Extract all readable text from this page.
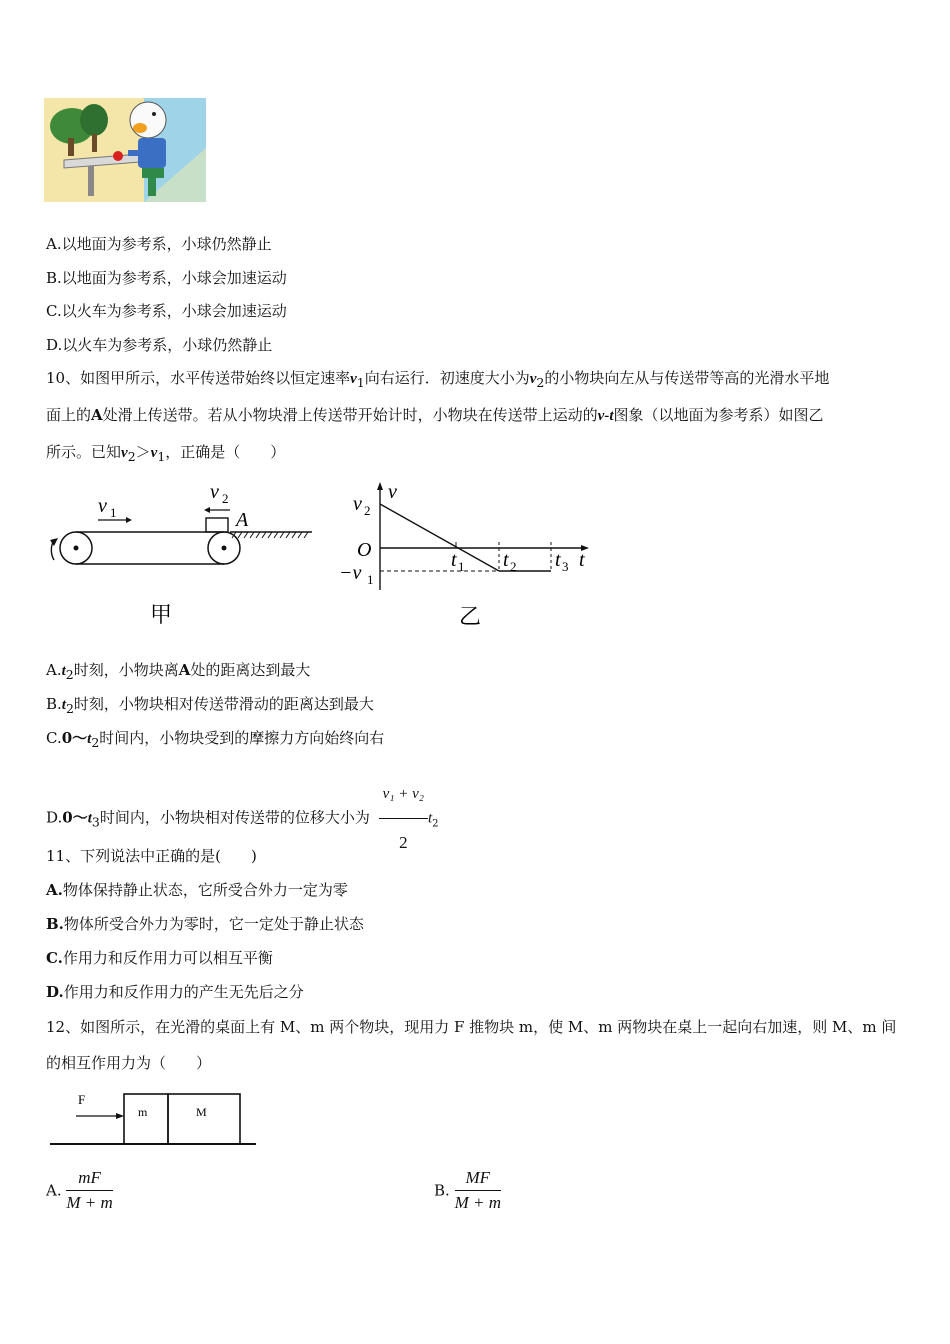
A.以地面为参考系，小球仍然静止
B.以地面为参考系，小球会加速运动
C.以火车为参考系，小球会加速运动
D.以火车为参考系，小球仍然静止
10、如图甲所示，水平传送带始终以恒定速率$v_1$向右运行．初速度大小为$v_2$的小物块向左从与传送带等高的光滑水平地
面上的A处滑上传送带。若从小物块滑上传送带开始计时，小物块在传送带上运动的v-t图象（以地面为参考系）如图乙
所示。已知$v_2>v_1$，正确是（　　）
v 1
v 2
A
甲
v 2
v
O
−v 1
t 1 t 2 t 3 t
乙
$A.t_2$时刻，小物块离A处的距离达到最大
$B.t_2$时刻，小物块相对传送带滑动的距离达到最大
$C.0\sim t_2$时间内，小物块受到的摩擦力方向始终向右
$D.0\sim t_3$时间内，小物块相对传送带的位移大小为 $\frac{\text{v₁ + v₂}}{2} t_2$
11、下列说法中正确的是(　　)
A.物体保持静止状态，它所受合外力一定为零
B.物体所受合外力为零时，它一定处于静止状态
C.作用力和反作用力可以相互平衡
D.作用力和反作用力的产生无先后之分
12、如图所示，在光滑的桌面上有 M、m 两个物块，现用力 F 推物块 m，使 M、m 两物块在桌上一起向右加速，则 M、m 间
的相互作用力为（　　）
F
m	M
A. $\frac{mF}{M + m}$	B. $\frac{MF}{M + m}$
